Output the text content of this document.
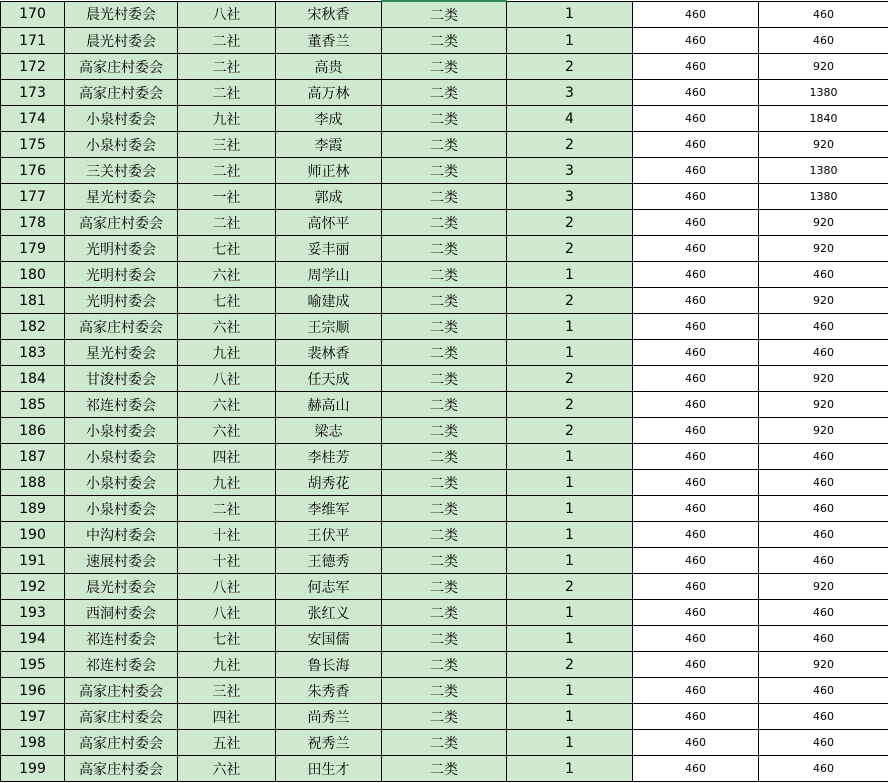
170	晨光村委会	八社	宋秋香	二类	1	460	460
171	晨光村委会	二社	董香兰	二类	1	460	460
172	高家庄村委会	二社	高贵	二类	2	460	920
173	高家庄村委会	二社	高万林	二类	3	460	1380
174	小泉村委会	九社	李成	二类	4	460	1840
175	小泉村委会	三社	李霞	二类	2	460	920
176	三关村委会	二社	师正林	二类	3	460	1380
177	星光村委会	一社	郭成	二类	3	460	1380
178	高家庄村委会	二社	高怀平	二类	2	460	920
179	光明村委会	七社	妥丰丽	二类	2	460	920
180	光明村委会	六社	周学山	二类	1	460	460
181	光明村委会	七社	喻建成	二类	2	460	920
182	高家庄村委会	六社	王宗顺	二类	1	460	460
183	星光村委会	九社	裴林香	二类	1	460	460
184	甘浚村委会	八社	任天成	二类	2	460	920
185	祁连村委会	六社	赫高山	二类	2	460	920
186	小泉村委会	六社	梁志	二类	2	460	920
187	小泉村委会	四社	李桂芳	二类	1	460	460
188	小泉村委会	九社	胡秀花	二类	1	460	460
189	小泉村委会	二社	李维军	二类	1	460	460
190	中沟村委会	十社	王伏平	二类	1	460	460
191	速展村委会	十社	王德秀	二类	1	460	460
192	晨光村委会	八社	何志军	二类	2	460	920
193	西洞村委会	八社	张红义	二类	1	460	460
194	祁连村委会	七社	安国儒	二类	1	460	460
195	祁连村委会	九社	鲁长海	二类	2	460	920
196	高家庄村委会	三社	朱秀香	二类	1	460	460
197	高家庄村委会	四社	尚秀兰	二类	1	460	460
198	高家庄村委会	五社	祝秀兰	二类	1	460	460
199	高家庄村委会	六社	田生才	二类	1	460	460
